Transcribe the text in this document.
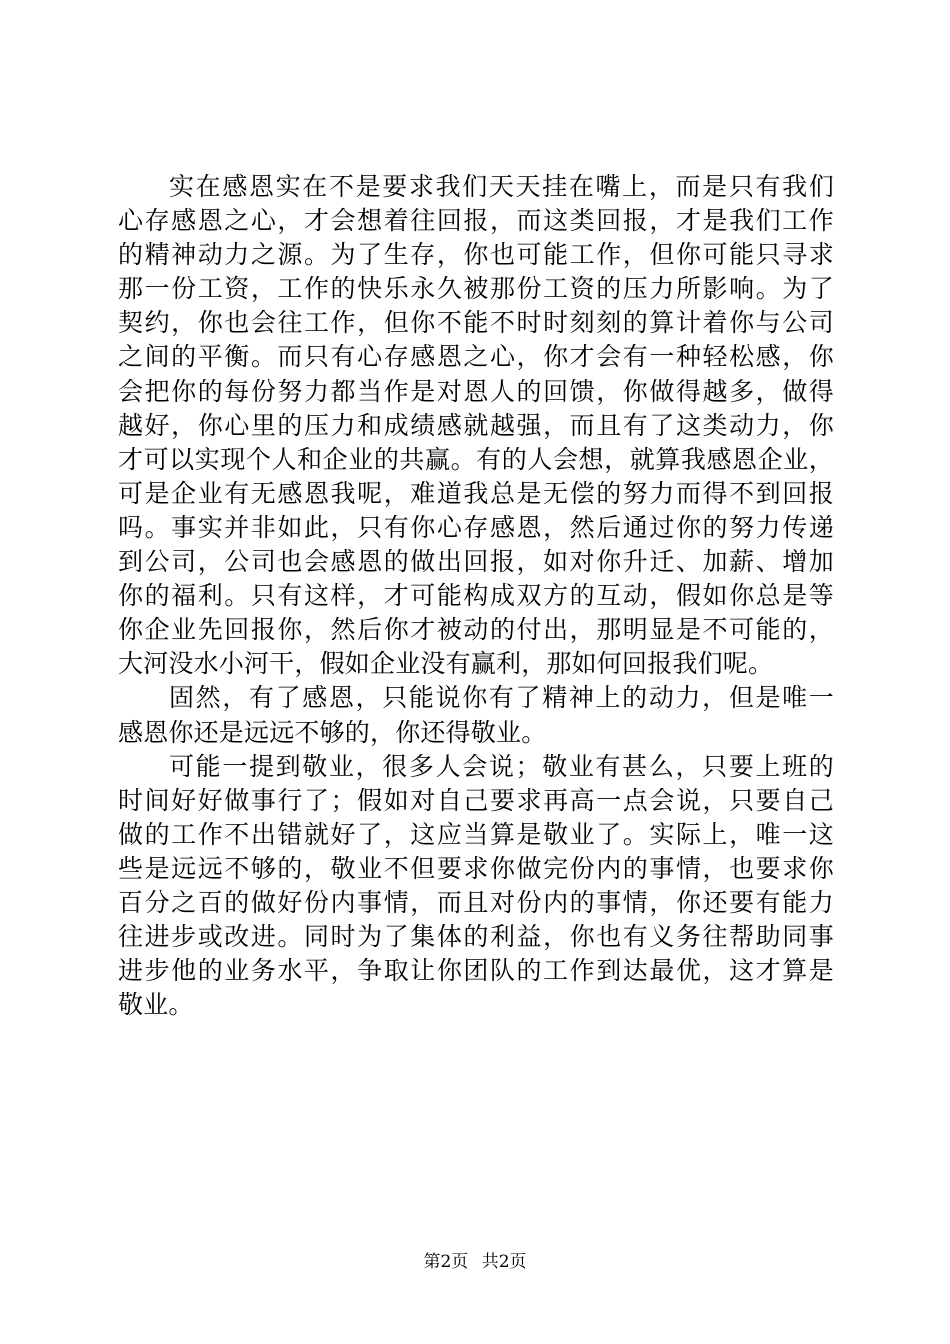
实在感恩实在不是要求我们天天挂在嘴上，而是只有我们
心存感恩之心，才会想着往回报，而这类回报，才是我们工作
的精神动力之源。为了生存，你也可能工作，但你可能只寻求
那一份工资，工作的快乐永久被那份工资的压力所影响。为了
契约，你也会往工作，但你不能不时时刻刻的算计着你与公司
之间的平衡。而只有心存感恩之心，你才会有一种轻松感，你
会把你的每份努力都当作是对恩人的回馈，你做得越多，做得
越好，你心里的压力和成绩感就越强，而且有了这类动力，你
才可以实现个人和企业的共赢。有的人会想，就算我感恩企业，
可是企业有无感恩我呢，难道我总是无偿的努力而得不到回报
吗。事实并非如此，只有你心存感恩，然后通过你的努力传递
到公司，公司也会感恩的做出回报，如对你升迁、加薪、增加
你的福利。只有这样，才可能构成双方的互动，假如你总是等
你企业先回报你，然后你才被动的付出，那明显是不可能的，
大河没水小河干，假如企业没有赢利，那如何回报我们呢。
固然，有了感恩，只能说你有了精神上的动力，但是唯一
感恩你还是远远不够的，你还得敬业。
可能一提到敬业，很多人会说；敬业有甚么，只要上班的
时间好好做事行了；假如对自己要求再高一点会说，只要自己
做的工作不出错就好了，这应当算是敬业了。实际上，唯一这
些是远远不够的，敬业不但要求你做完份内的事情，也要求你
百分之百的做好份内事情，而且对份内的事情，你还要有能力
往进步或改进。同时为了集体的利益，你也有义务往帮助同事
进步他的业务水平，争取让你团队的工作到达最优，这才算是
敬业。
第2页 共2页
